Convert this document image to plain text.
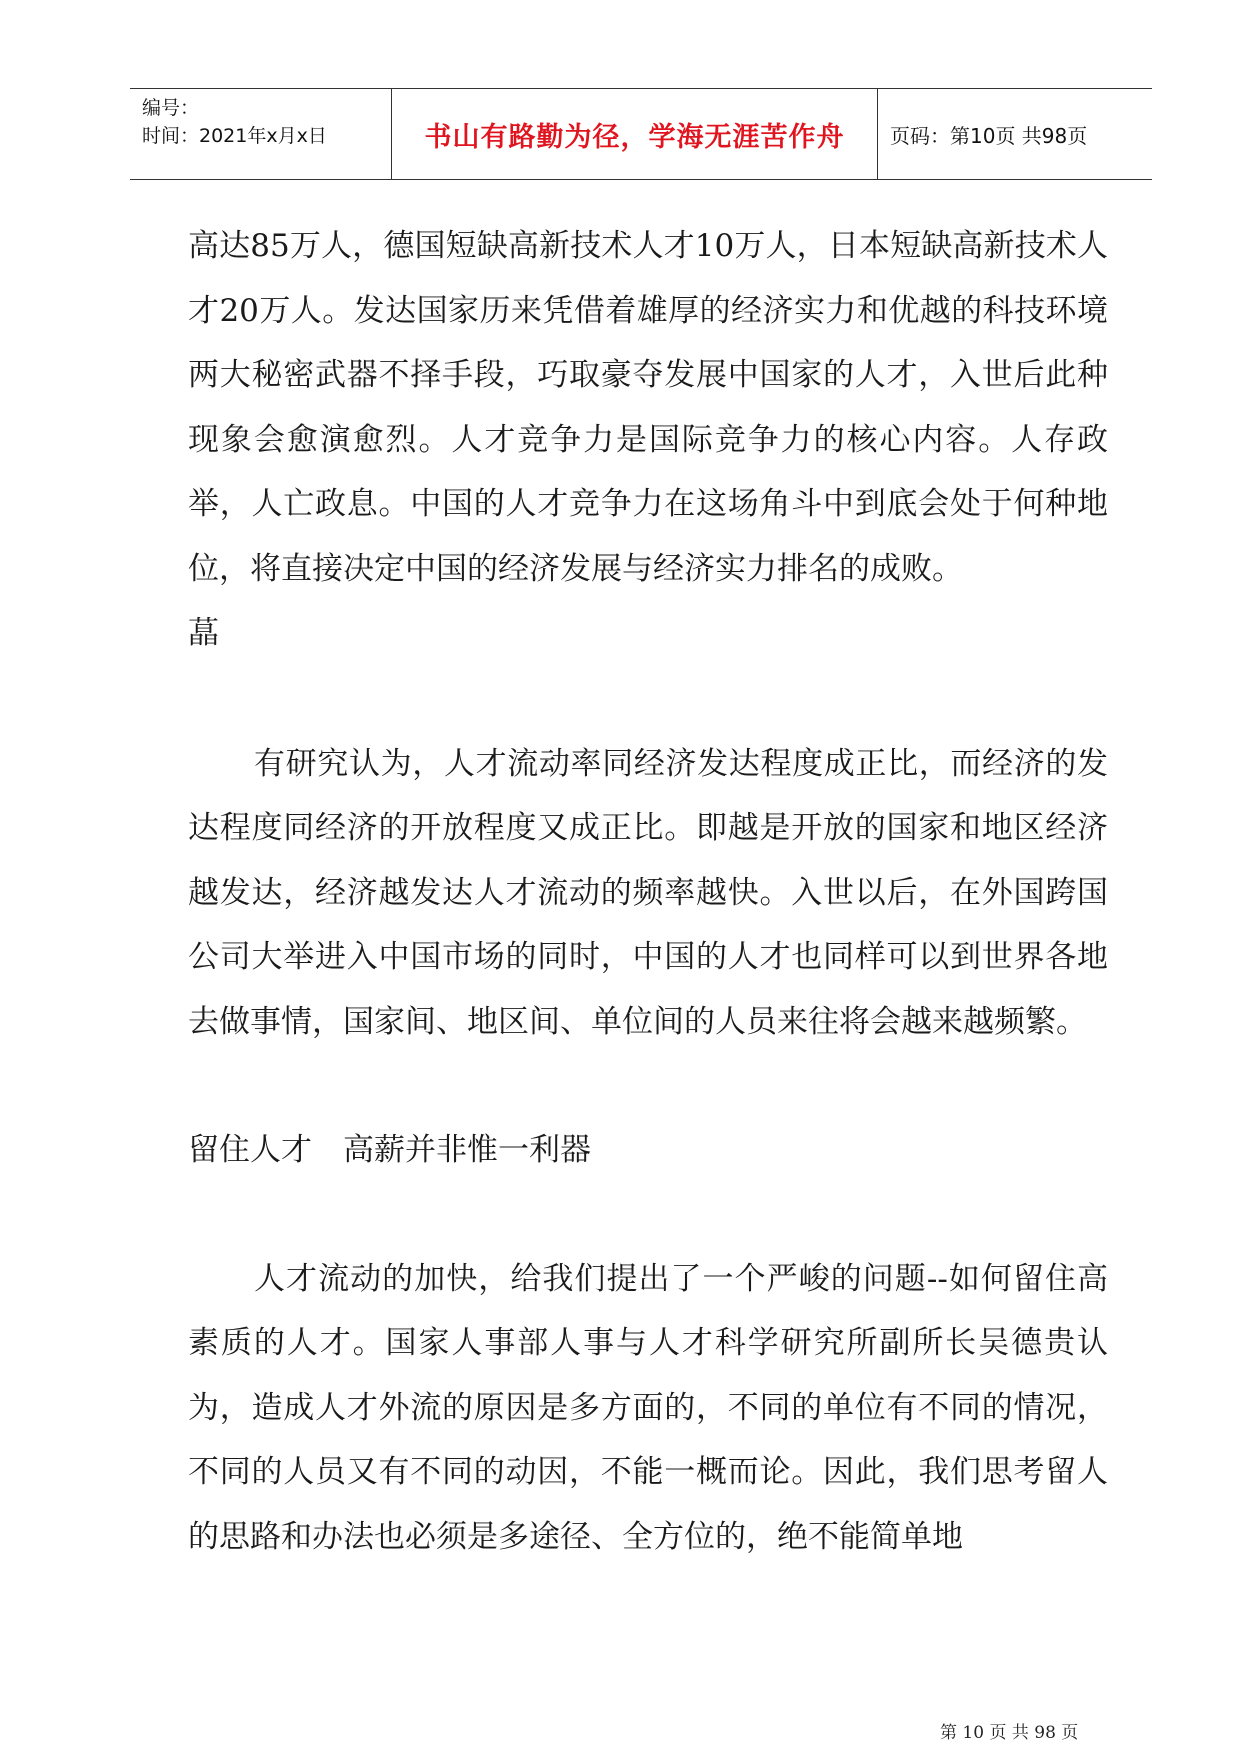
编号：
时间：2021年x月x日	书山有路勤为径，学海无涯苦作舟 页码：第10页 共98页

高达85万人，德国短缺高新技术人才10万人，日本短缺高新技术人才20万人。发达国家历来凭借着雄厚的经济实力和优越的科技环境两大秘密武器不择手段，巧取豪夺发展中国家的人才，入世后此种现象会愈演愈烈。人才竞争力是国际竞争力的核心内容。人存政举，人亡政息。中国的人才竞争力在这场角斗中到底会处于何种地位，将直接决定中国的经济发展与经济实力排名的成败。

蕌

有研究认为，人才流动率同经济发达程度成正比，而经济的发达程度同经济的开放程度又成正比。即越是开放的国家和地区经济越发达，经济越发达人才流动的频率越快。入世以后，在外国跨国公司大举进入中国市场的同时，中国的人才也同样可以到世界各地去做事情，国家间、地区间、单位间的人员来往将会越来越频繁。

留住人才　高薪并非惟一利器

人才流动的加快，给我们提出了一个严峻的问题--如何留住高素质的人才。国家人事部人事与人才科学研究所副所长吴德贵认为，造成人才外流的原因是多方面的，不同的单位有不同的情况，不同的人员又有不同的动因，不能一概而论。因此，我们思考留人的思路和办法也必须是多途径、全方位的，绝不能简单地

第 10 页 共 98 页
